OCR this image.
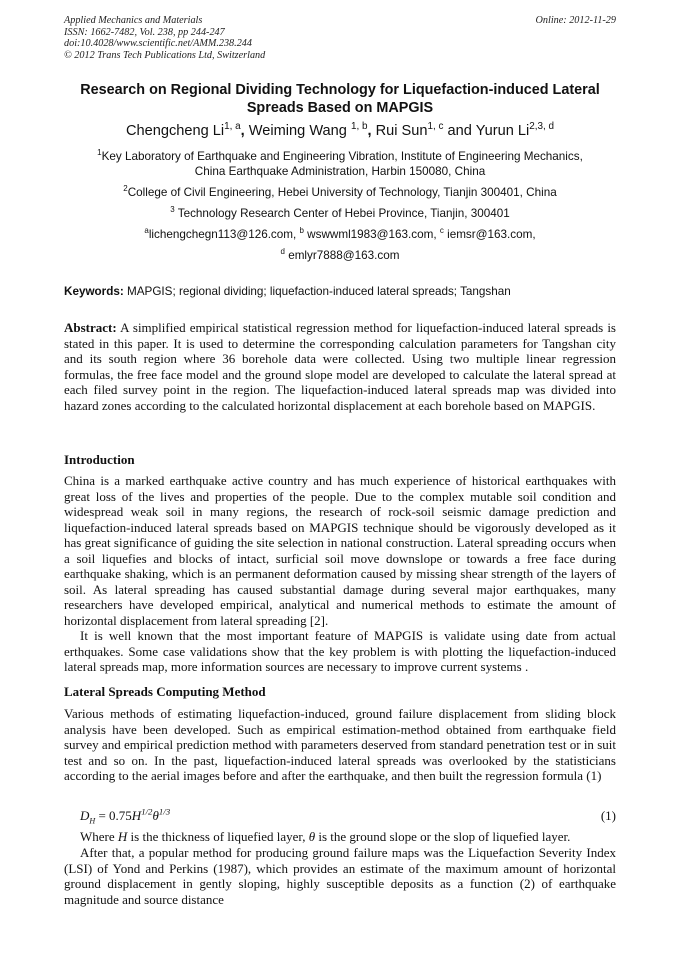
Applied Mechanics and Materials
ISSN: 1662-7482, Vol. 238, pp 244-247
doi:10.4028/www.scientific.net/AMM.238.244
© 2012 Trans Tech Publications Ltd, Switzerland
Online: 2012-11-29
Research on Regional Dividing Technology for Liquefaction-induced Lateral Spreads Based on MAPGIS
Chengcheng Li$^{1, a}$, Weiming Wang $^{1, b}$, Rui Sun$^{1, c}$ and Yurun Li$^{2,3, d}$
$^1$Key Laboratory of Earthquake and Engineering Vibration, Institute of Engineering Mechanics,
China Earthquake Administration, Harbin 150080, China
$^2$College of Civil Engineering, Hebei University of Technology, Tianjin 300401, China
$^3$ Technology Research Center of Hebei Province, Tianjin, 300401
$^a$lichengchegn113@126.com, $^b$ wswwml1983@163.com, $^c$ iemsr@163.com,
$^d$ emlyr7888@163.com
Keywords: MAPGIS; regional dividing; liquefaction-induced lateral spreads; Tangshan

Abstract: A simplified empirical statistical regression method for liquefaction-induced lateral spreads is stated in this paper. It is used to determine the corresponding calculation parameters for Tangshan city and its south region where 36 borehole data were collected. Using two multiple linear regression formulas, the free face model and the ground slope model are developed to calculate the lateral spread at each filed survey point in the region. The liquefaction-induced lateral spreads map was divided into hazard zones according to the calculated horizontal displacement at each borehole based on MAPGIS.

Introduction

China is a marked earthquake active country and has much experience of historical earthquakes with great loss of the lives and properties of the people. Due to the complex mutable soil condition and widespread weak soil in many regions, the research of rock-soil seismic damage prediction and liquefaction-induced lateral spreads based on MAPGIS technique should be vigorously developed as it has great significance of guiding the site selection in national construction. Lateral spreading occurs when a soil liquefies and blocks of intact, surficial soil move downslope or towards a free face during earthquake shaking, which is an permanent deformation caused by missing shear strength of the layers of soil. As lateral spreading has caused substantial damage during several major earthquakes, many researchers have developed empirical, analytical and numerical methods to estimate the amount of horizontal displacement from lateral spreading [2].

It is well known that the most important feature of MAPGIS is validate using date from actual erthquakes. Some case validations show that the key problem is with plotting the liquefaction-induced lateral spreads map, more information sources are necessary to improve current systems .

Lateral Spreads Computing Method
Various methods of estimating liquefaction-induced, ground failure displacement from sliding block analysis have been developed. Such as empirical estimation-method obtained from earthquake field survey and empirical prediction method with parameters deserved from standard penetration test or in suit test and so on. In the past, liquefaction-induced lateral spreads was overlooked by the statisticians according to the aerial images before and after the earthquake, and then built the regression formula (1)
$D_H = 0.75H^{1/2}\theta^{1/3}$	(1)
Where H is the thickness of liquefied layer, θ is the ground slope or the slop of liquefied layer.
After that, a popular method for producing ground failure maps was the Liquefaction Severity Index (LSI) of Yond and Perkins (1987), which provides an estimate of the maximum amount of horizontal ground displacement in gently sloping, highly susceptible deposits as a function (2) of earthquake magnitude and source distance
